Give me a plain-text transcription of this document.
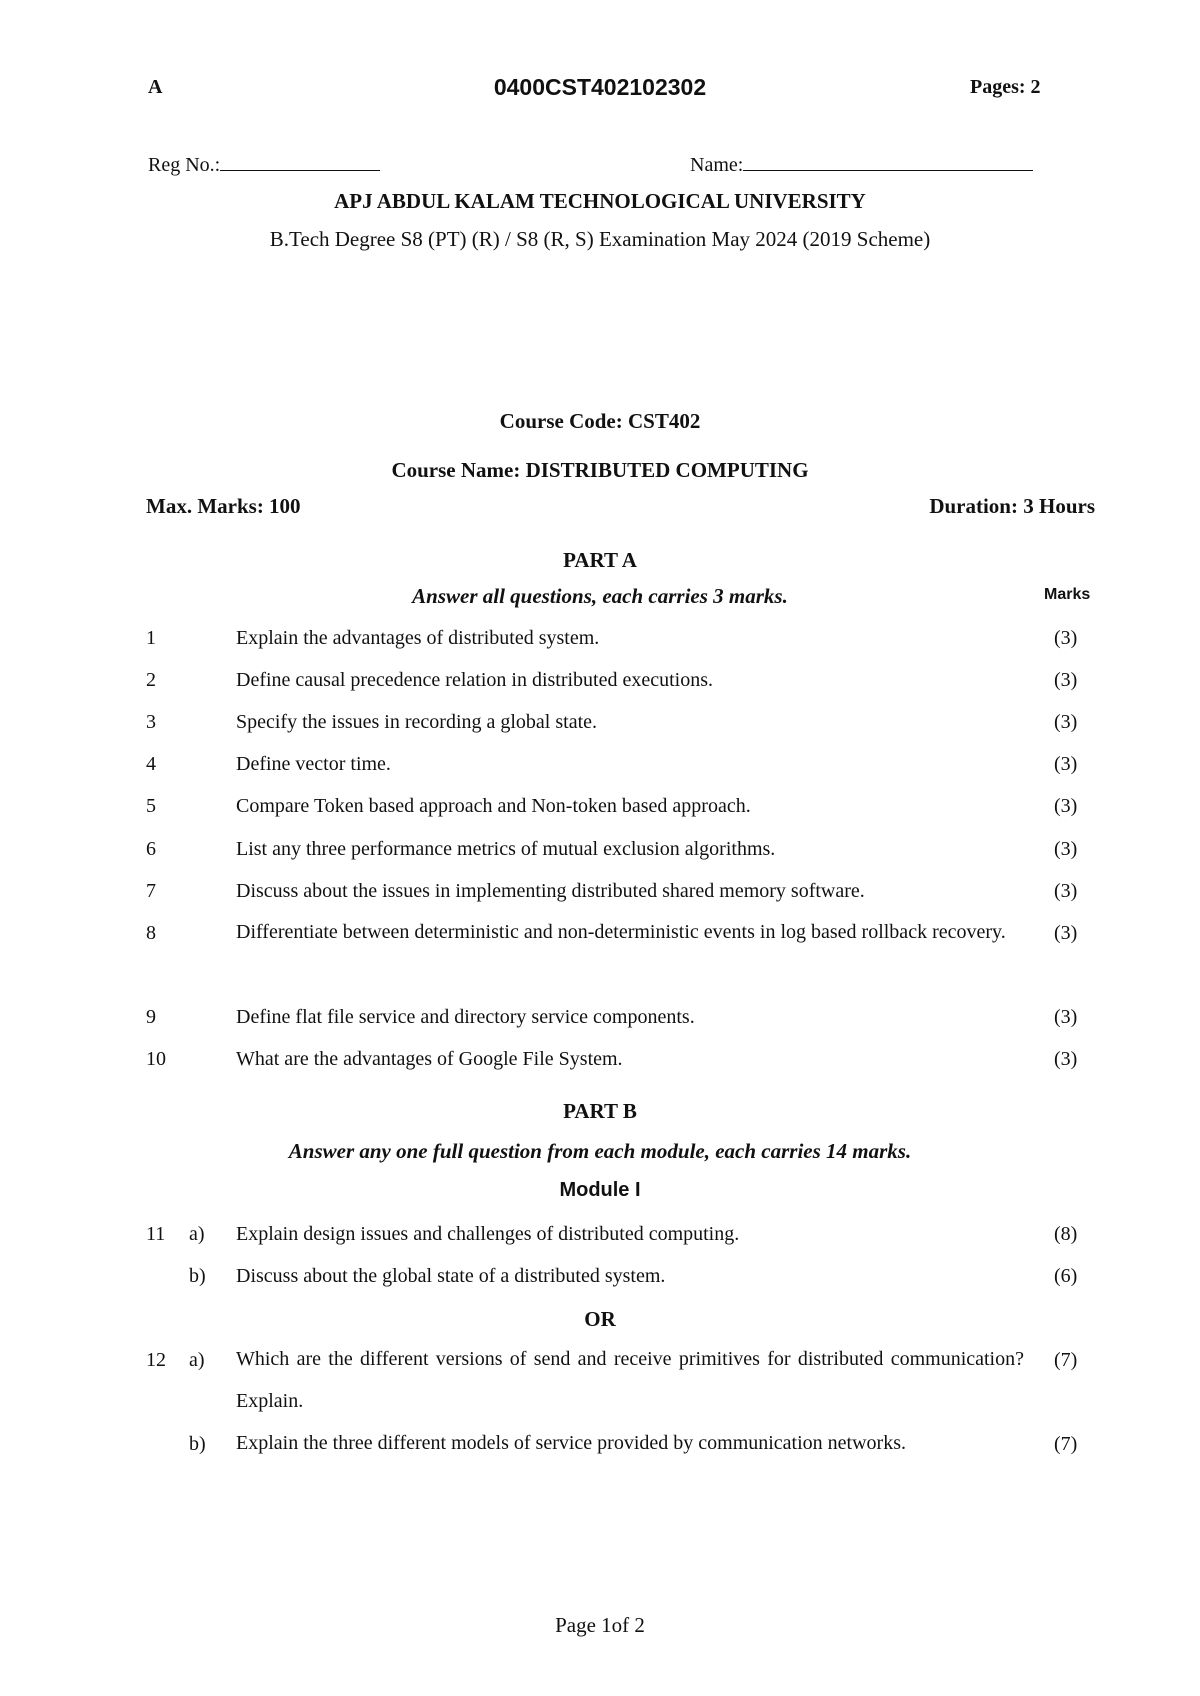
A	0400CST402102302	Pages: 2
Reg No.:	Name:
APJ ABDUL KALAM TECHNOLOGICAL UNIVERSITY
B.Tech Degree S8 (PT) (R) / S8 (R, S) Examination May 2024 (2019 Scheme)
Course Code: CST402
Course Name: DISTRIBUTED COMPUTING
Max. Marks: 100	Duration: 3 Hours
PART A
Answer all questions, each carries 3 marks.	Marks
1	Explain the advantages of distributed system.	(3)
2	Define causal precedence relation in distributed executions.	(3)
3	Specify the issues in recording a global state.	(3)
4	Define vector time.	(3)
5	Compare Token based approach and Non-token based approach.	(3)
6	List any three performance metrics of mutual exclusion algorithms.	(3)
7	Discuss about the issues in implementing distributed shared memory software.	(3)
8	Differentiate between deterministic and non-deterministic events in log based rollback recovery.	(3)
9	Define flat file service and directory service components.	(3)
10	What are the advantages of Google File System.	(3)
PART B
Answer any one full question from each module, each carries 14 marks.
Module I
11 a) Explain design issues and challenges of distributed computing.	(8)
b) Discuss about the global state of a distributed system.	(6)
OR
12 a) Which are the different versions of send and receive primitives for distributed communication? Explain.
(7)
b) Explain the three different models of service provided by communication networks.	(7)
Page 1of 2
